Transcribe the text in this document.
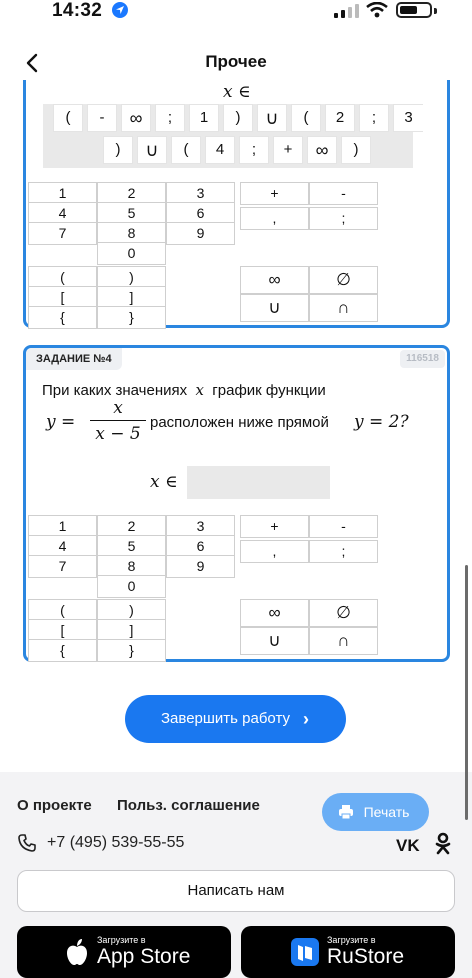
14:32
Прочее
x ∈
(	-	∞	;	1	)	∪	(	2	;	3
)	∪	(	4	;	+	∞	)
1	2	3
4	5	6
7	8	9
0
+	-
,	;
(	)
[	]
{	}
∞	∅
∪	∩
ЗАДАНИЕ №4	116518
При каких значениях x график функции
y =
x
x − 5
расположен ниже прямой y = 2?
x ∈
1	2	3
4	5	6
7	8	9
0
+	-
,	;
(	)
[	]
{	}
∞	∅
∪	∩
Завершить работу ›
О проекте Польз. соглашение	Печать
+7 (495) 539-55-55	VK
Написать нам
Загрузите в
App Store
Загрузите в
RuStore
